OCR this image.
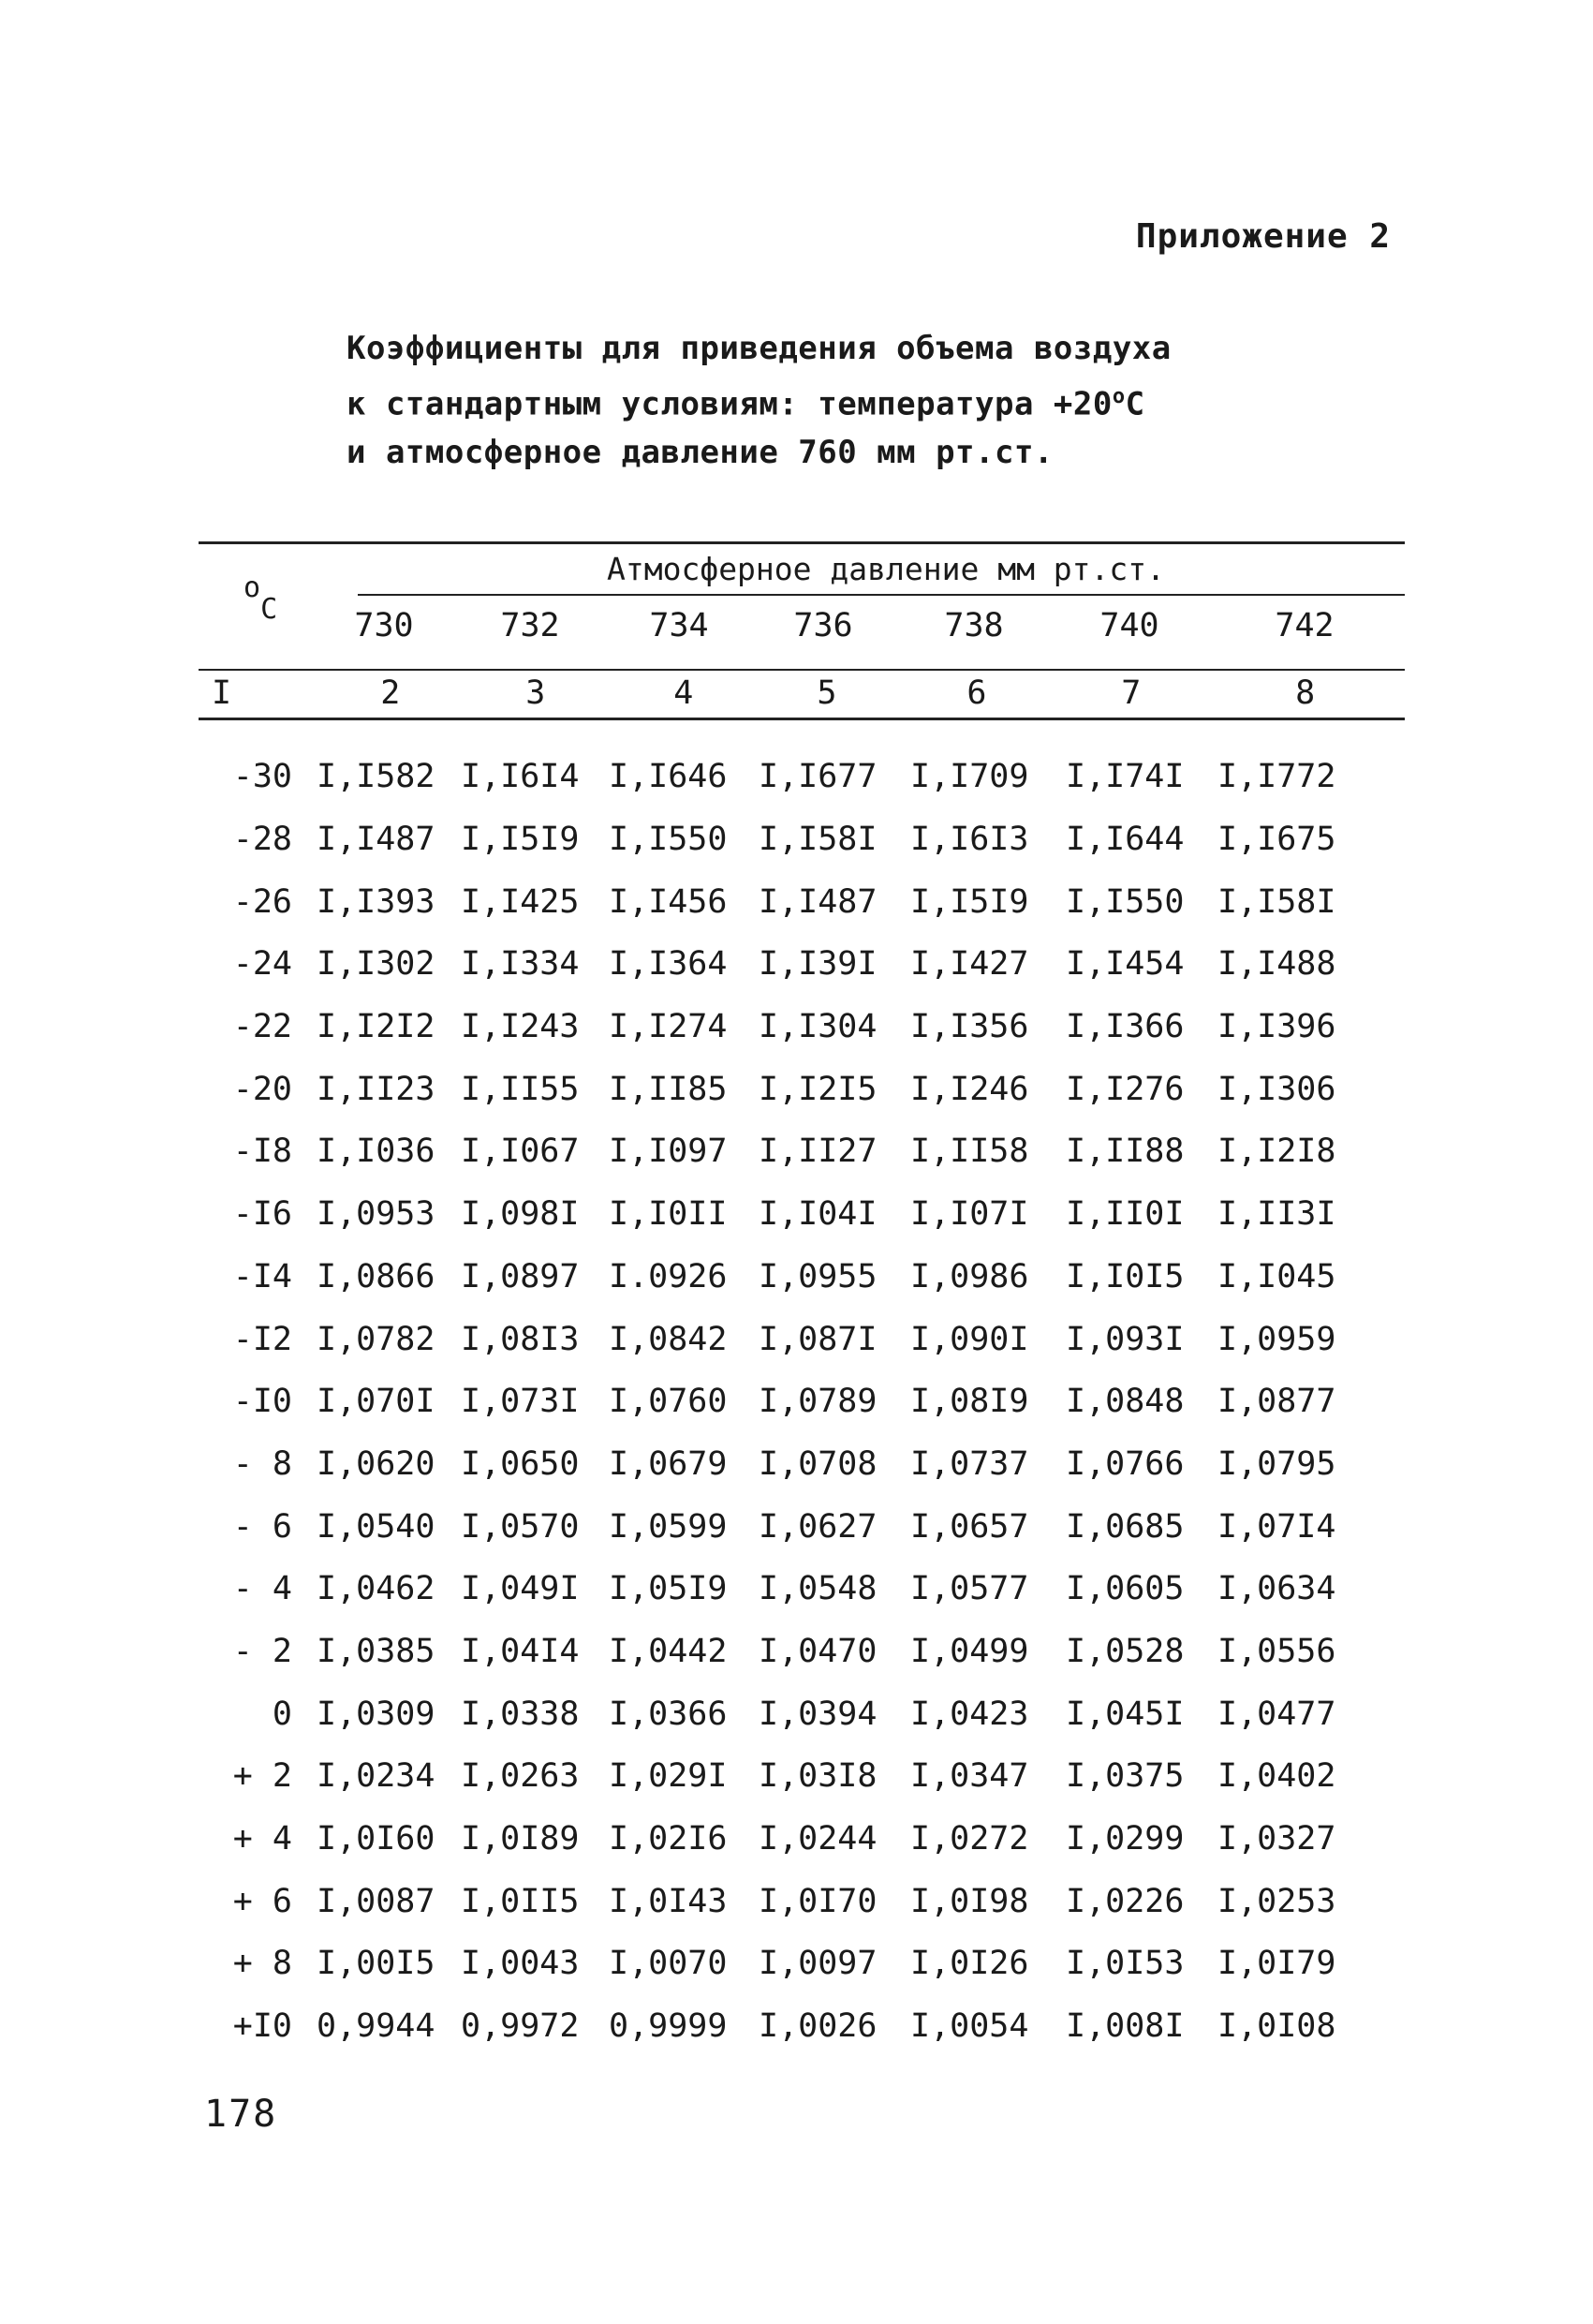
Приложение 2
Коэффициенты для приведения объема воздуха
к стандартным условиям: температура $+20^оС$
и атмосферное давление 760 мм рт.ст.
$^о$С
Атмосферное давление мм рт.ст.
730	732	734	736	738	740	742
I	2	3	4	5	6	7	8
-30 I,I582 I,I6I4 I,I646 I,I677	I,I709	I,I74I	I,I772
-28 I,I487 I,I5I9 I,I550 I,I58I	I,I6I3	I,I644	I,I675
-26 I,I393 I,I425 I,I456 I,I487	I,I5I9	I,I550	I,I58I
-24 I,I302 I,I334 I,I364 I,I39I	I,I427	I,I454	I,I488
-22 I,I2I2 I,I243 I,I274 I,I304	I,I356	I,I366	I,I396
-20 I,II23 I,II55 I,II85 I,I2I5	I,I246	I,I276	I,I306
-I8 I,I036 I,I067 I,I097 I,II27	I,II58	I,II88	I,I2I8
-I6 I,0953 I,098I I,I0II I,I04I	I,I07I	I,II0I	I,II3I
-I4 I,0866 I,0897 I.0926 I,0955	I,0986	I,I0I5	I,I045
-I2 I,0782 I,08I3 I,0842 I,087I	I,090I	I,093I	I,0959
-I0 I,070I I,073I I,0760 I,0789	I,08I9	I,0848	I,0877
- 8 I,0620 I,0650 I,0679 I,0708	I,0737	I,0766	I,0795
- 6 I,0540 I,0570 I,0599 I,0627	I,0657	I,0685	I,07I4
- 4 I,0462 I,049I I,05I9 I,0548	I,0577	I,0605	I,0634
- 2 I,0385 I,04I4 I,0442 I,0470	I,0499	I,0528	I,0556
0 I,0309 I,0338 I,0366 I,0394	I,0423	I,045I	I,0477
+ 2 I,0234 I,0263 I,029I I,03I8	I,0347	I,0375	I,0402
+ 4 I,0I60 I,0I89 I,02I6 I,0244	I,0272	I,0299	I,0327
+ 6 I,0087 I,0II5 I,0I43 I,0I70	I,0I98	I,0226	I,0253
+ 8 I,00I5 I,0043 I,0070 I,0097	I,0I26	I,0I53	I,0I79
+I0 0,9944 0,9972 0,9999 I,0026	I,0054	I,008I	I,0I08
178
